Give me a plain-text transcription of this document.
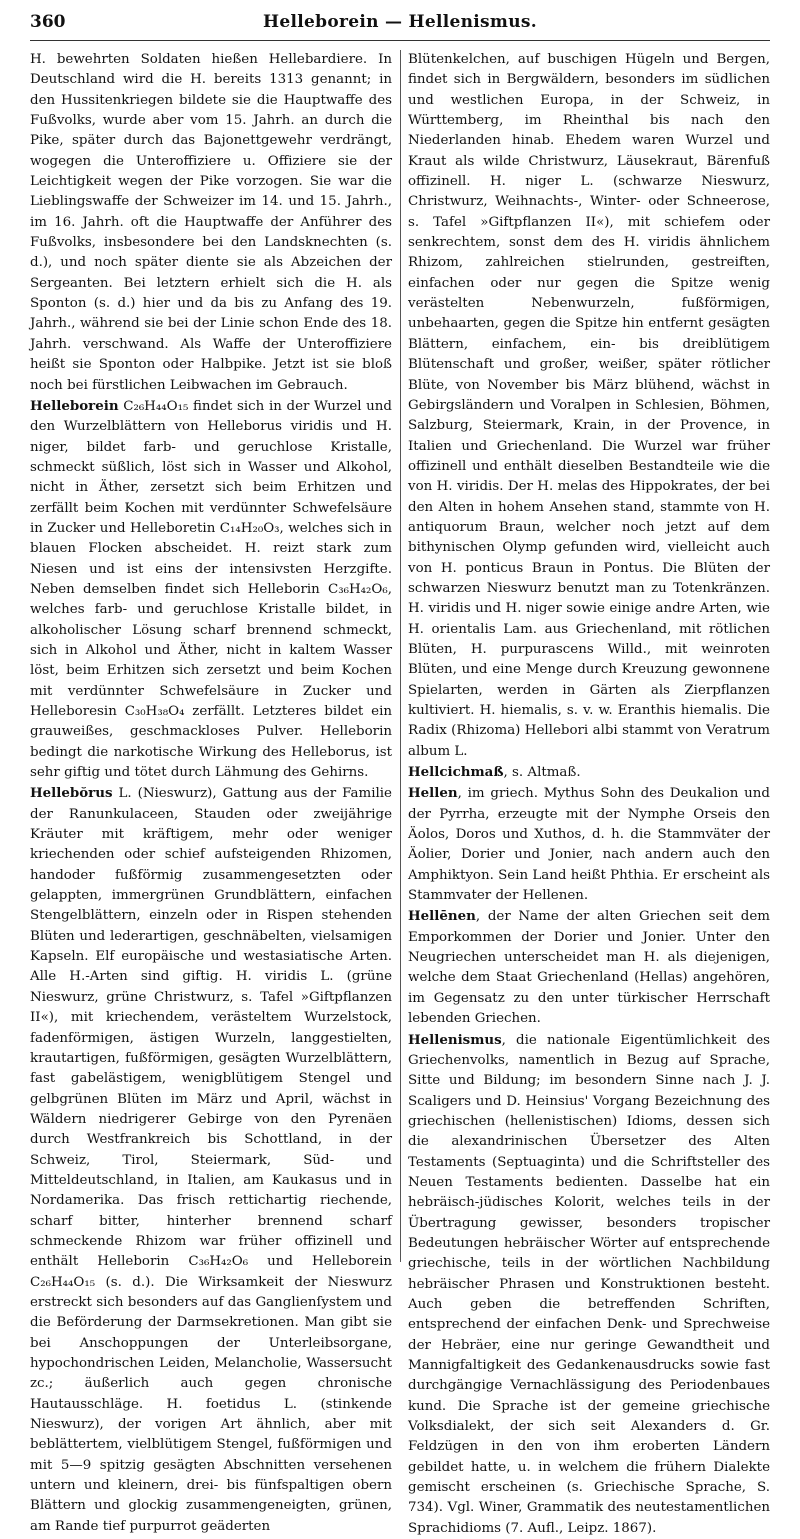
360	Helleborein — Hellenismus.

H. bewehrten Soldaten hießen Hellebardiere. In Deutschland wird die H. bereits 1313 genannt; in den Hussitenkriegen bildete sie die Hauptwaffe des Fußvolks, wurde aber vom 15. Jahrh. an durch die Pike, später durch das Bajonettgewehr verdrängt, wogegen die Unteroffiziere u. Offiziere sie der Leichtigkeit wegen der Pike vorzogen. Sie war die Lieblingswaffe der Schweizer im 14. und 15. Jahrh., im 16. Jahrh. oft die Hauptwaffe der Anführer des Fußvolks, insbesondere bei den Landsknechten (s. d.), und noch später diente sie als Abzeichen der Sergeanten. Bei letztern erhielt sich die H. als Sponton (s. d.) hier und da bis zu Anfang des 19. Jahrh., während sie bei der Linie schon Ende des 18. Jahrh. verschwand. Als Waffe der Unteroffiziere heißt sie Sponton oder Halbpike. Jetzt ist sie bloß noch bei fürstlichen Leibwachen im Gebrauch.

Helleborein C₂₆H₄₄O₁₅ findet sich in der Wurzel und den Wurzelblättern von Helleborus viridis und H. niger, bildet farb- und geruchlose Kristalle, schmeckt süßlich, löst sich in Wasser und Alkohol, nicht in Äther, zersetzt sich beim Erhitzen und zerfällt beim Kochen mit verdünnter Schwefelsäure in Zucker und Helleboretin C₁₄H₂₀O₃, welches sich in blauen Flocken abscheidet. H. reizt stark zum Niesen und ist eins der intensivsten Herzgifte. Neben demselben findet sich Helleborin C₃₆H₄₂O₆, welches farb- und geruchlose Kristalle bildet, in alkoholischer Lösung scharf brennend schmeckt, sich in Alkohol und Äther, nicht in kaltem Wasser löst, beim Erhitzen sich zersetzt und beim Kochen mit verdünnter Schwefelsäure in Zucker und Helleboresin C₃₀H₃₈O₄ zerfällt. Letzteres bildet ein grauweißes, geschmackloses Pulver. Helleborin bedingt die narkotische Wirkung des Helleborus, ist sehr giftig und tötet durch Lähmung des Gehirns.

Hellebŏrus L. (Nieswurz), Gattung aus der Familie der Ranunkulaceen, Stauden oder zweijährige Kräuter mit kräftigem, mehr oder weniger kriechenden oder schief aufsteigenden Rhizomen, handoder fußförmig zusammengesetzten oder gelappten, immergrünen Grundblättern, einfachen Stengelblättern, einzeln oder in Rispen stehenden Blüten und lederartigen, geschnäbelten, vielsamigen Kapseln. Elf europäische und westasiatische Arten. Alle H.-Arten sind giftig. H. viridis L. (grüne Nieswurz, grüne Christwurz, s. Tafel »Giftpflanzen II«), mit kriechendem, verästeltem Wurzelstock, fadenförmigen, ästigen Wurzeln, langgestielten, krautartigen, fußförmigen, gesägten Wurzelblättern, fast gabelästigem, wenigblütigem Stengel und gelbgrünen Blüten im März und April, wächst in Wäldern niedrigerer Gebirge von den Pyrenäen durch Westfrankreich bis Schottland, in der Schweiz, Tirol, Steiermark, Süd- und Mitteldeutschland, in Italien, am Kaukasus und in Nordamerika. Das frisch rettichartig riechende, scharf bitter, hinterher brennend scharf schmeckende Rhizom war früher offizinell und enthält Helleborin C₃₆H₄₂O₆ und Helleborein C₂₆H₄₄O₁₅ (s. d.). Die Wirksamkeit der Nieswurz erstreckt sich besonders auf das Ganglienſystem und die Beförderung der Darmsekretionen. Man gibt sie bei Anschoppungen der Unterleibsorgane, hypochondrischen Leiden, Melancholie, Wassersucht zc.; äußerlich auch gegen chronische Hautausschläge. H. foetidus L. (stinkende Nieswurz), der vorigen Art ähnlich, aber mit beblättertem, vielblütigem Stengel, fußförmigen und mit 5—9 spitzig gesägten Abschnitten versehenen untern und kleinern, drei- bis fünfspaltigen obern Blättern und glockig zusammengeneigten, grünen, am Rande tief purpurrot geäderten

Blütenkelchen, auf buschigen Hügeln und Bergen, findet sich in Bergwäldern, besonders im südlichen und westlichen Europa, in der Schweiz, in Württemberg, im Rheinthal bis nach den Niederlanden hinab. Ehedem waren Wurzel und Kraut als wilde Christwurz, Läusekraut, Bärenfuß offizinell. H. niger L. (schwarze Nieswurz, Christwurz, Weihnachts-, Winter- oder Schneerose, s. Tafel »Giftpflanzen II«), mit schiefem oder senkrechtem, sonst dem des H. viridis ähnlichem Rhizom, zahlreichen stielrunden, gestreiften, einfachen oder nur gegen die Spitze wenig verästelten Nebenwurzeln, fußförmigen, unbehaarten, gegen die Spitze hin entfernt gesägten Blättern, einfachem, ein- bis dreiblütigem Blütenschaft und großer, weißer, später rötlicher Blüte, von November bis März blühend, wächst in Gebirgsländern und Voralpen in Schlesien, Böhmen, Salzburg, Steiermark, Krain, in der Provence, in Italien und Griechenland. Die Wurzel war früher offizinell und enthält dieselben Bestandteile wie die von H. viridis. Der H. melas des Hippokrates, der bei den Alten in hohem Ansehen stand, stammte von H. antiquorum Braun, welcher noch jetzt auf dem bithynischen Olymp gefunden wird, vielleicht auch von H. ponticus Braun in Pontus. Die Blüten der schwarzen Nieswurz benutzt man zu Totenkränzen. H. viridis und H. niger sowie einige andre Arten, wie H. orientalis Lam. aus Griechenland, mit rötlichen Blüten, H. purpurascens Willd., mit weinroten Blüten, und eine Menge durch Kreuzung gewonnene Spielarten, werden in Gärten als Zierpflanzen kultiviert. H. hiemalis, s. v. w. Eranthis hiemalis. Die Radix (Rhizoma) Hellebori albi stammt von Veratrum album L.

Hellcichmaß, s. Altmaß.

Hellen, im griech. Mythus Sohn des Deukalion und der Pyrrha, erzeugte mit der Nymphe Orseis den Äolos, Doros und Xuthos, d. h. die Stammväter der Äolier, Dorier und Jonier, nach andern auch den Amphiktyon. Sein Land heißt Phthia. Er erscheint als Stammvater der Hellenen.

Hellēnen, der Name der alten Griechen seit dem Emporkommen der Dorier und Jonier. Unter den Neugriechen unterscheidet man H. als diejenigen, welche dem Staat Griechenland (Hellas) angehören, im Gegensatz zu den unter türkischer Herrschaft lebenden Griechen.

Hellenismus, die nationale Eigentümlichkeit des Griechenvolks, namentlich in Bezug auf Sprache, Sitte und Bildung; im besondern Sinne nach J. J. Scaligers und D. Heinsius' Vorgang Bezeichnung des griechischen (hellenistischen) Idioms, dessen sich die alexandrinischen Übersetzer des Alten Testaments (Septuaginta) und die Schriftsteller des Neuen Testaments bedienten. Dasselbe hat ein hebräisch-jüdisches Kolorit, welches teils in der Übertragung gewisser, besonders tropischer Bedeutungen hebräischer Wörter auf entsprechende griechische, teils in der wörtlichen Nachbildung hebräischer Phrasen und Konstruktionen besteht. Auch geben die betreffenden Schriften, entsprechend der einfachen Denk- und Sprechweise der Hebräer, eine nur geringe Gewandtheit und Mannigfaltigkeit des Gedankenausdrucks sowie fast durchgängige Vernachlässigung des Periodenbaues kund. Die Sprache ist der gemeine griechische Volksdialekt, der sich seit Alexanders d. Gr. Feldzügen in den von ihm eroberten Ländern gebildet hatte, u. in welchem die frühern Dialekte gemischt erscheinen (s. Griechische Sprache, S. 734). Vgl. Winer, Grammatik des neutestamentlichen Sprachidioms (7. Aufl., Leipz. 1867).
